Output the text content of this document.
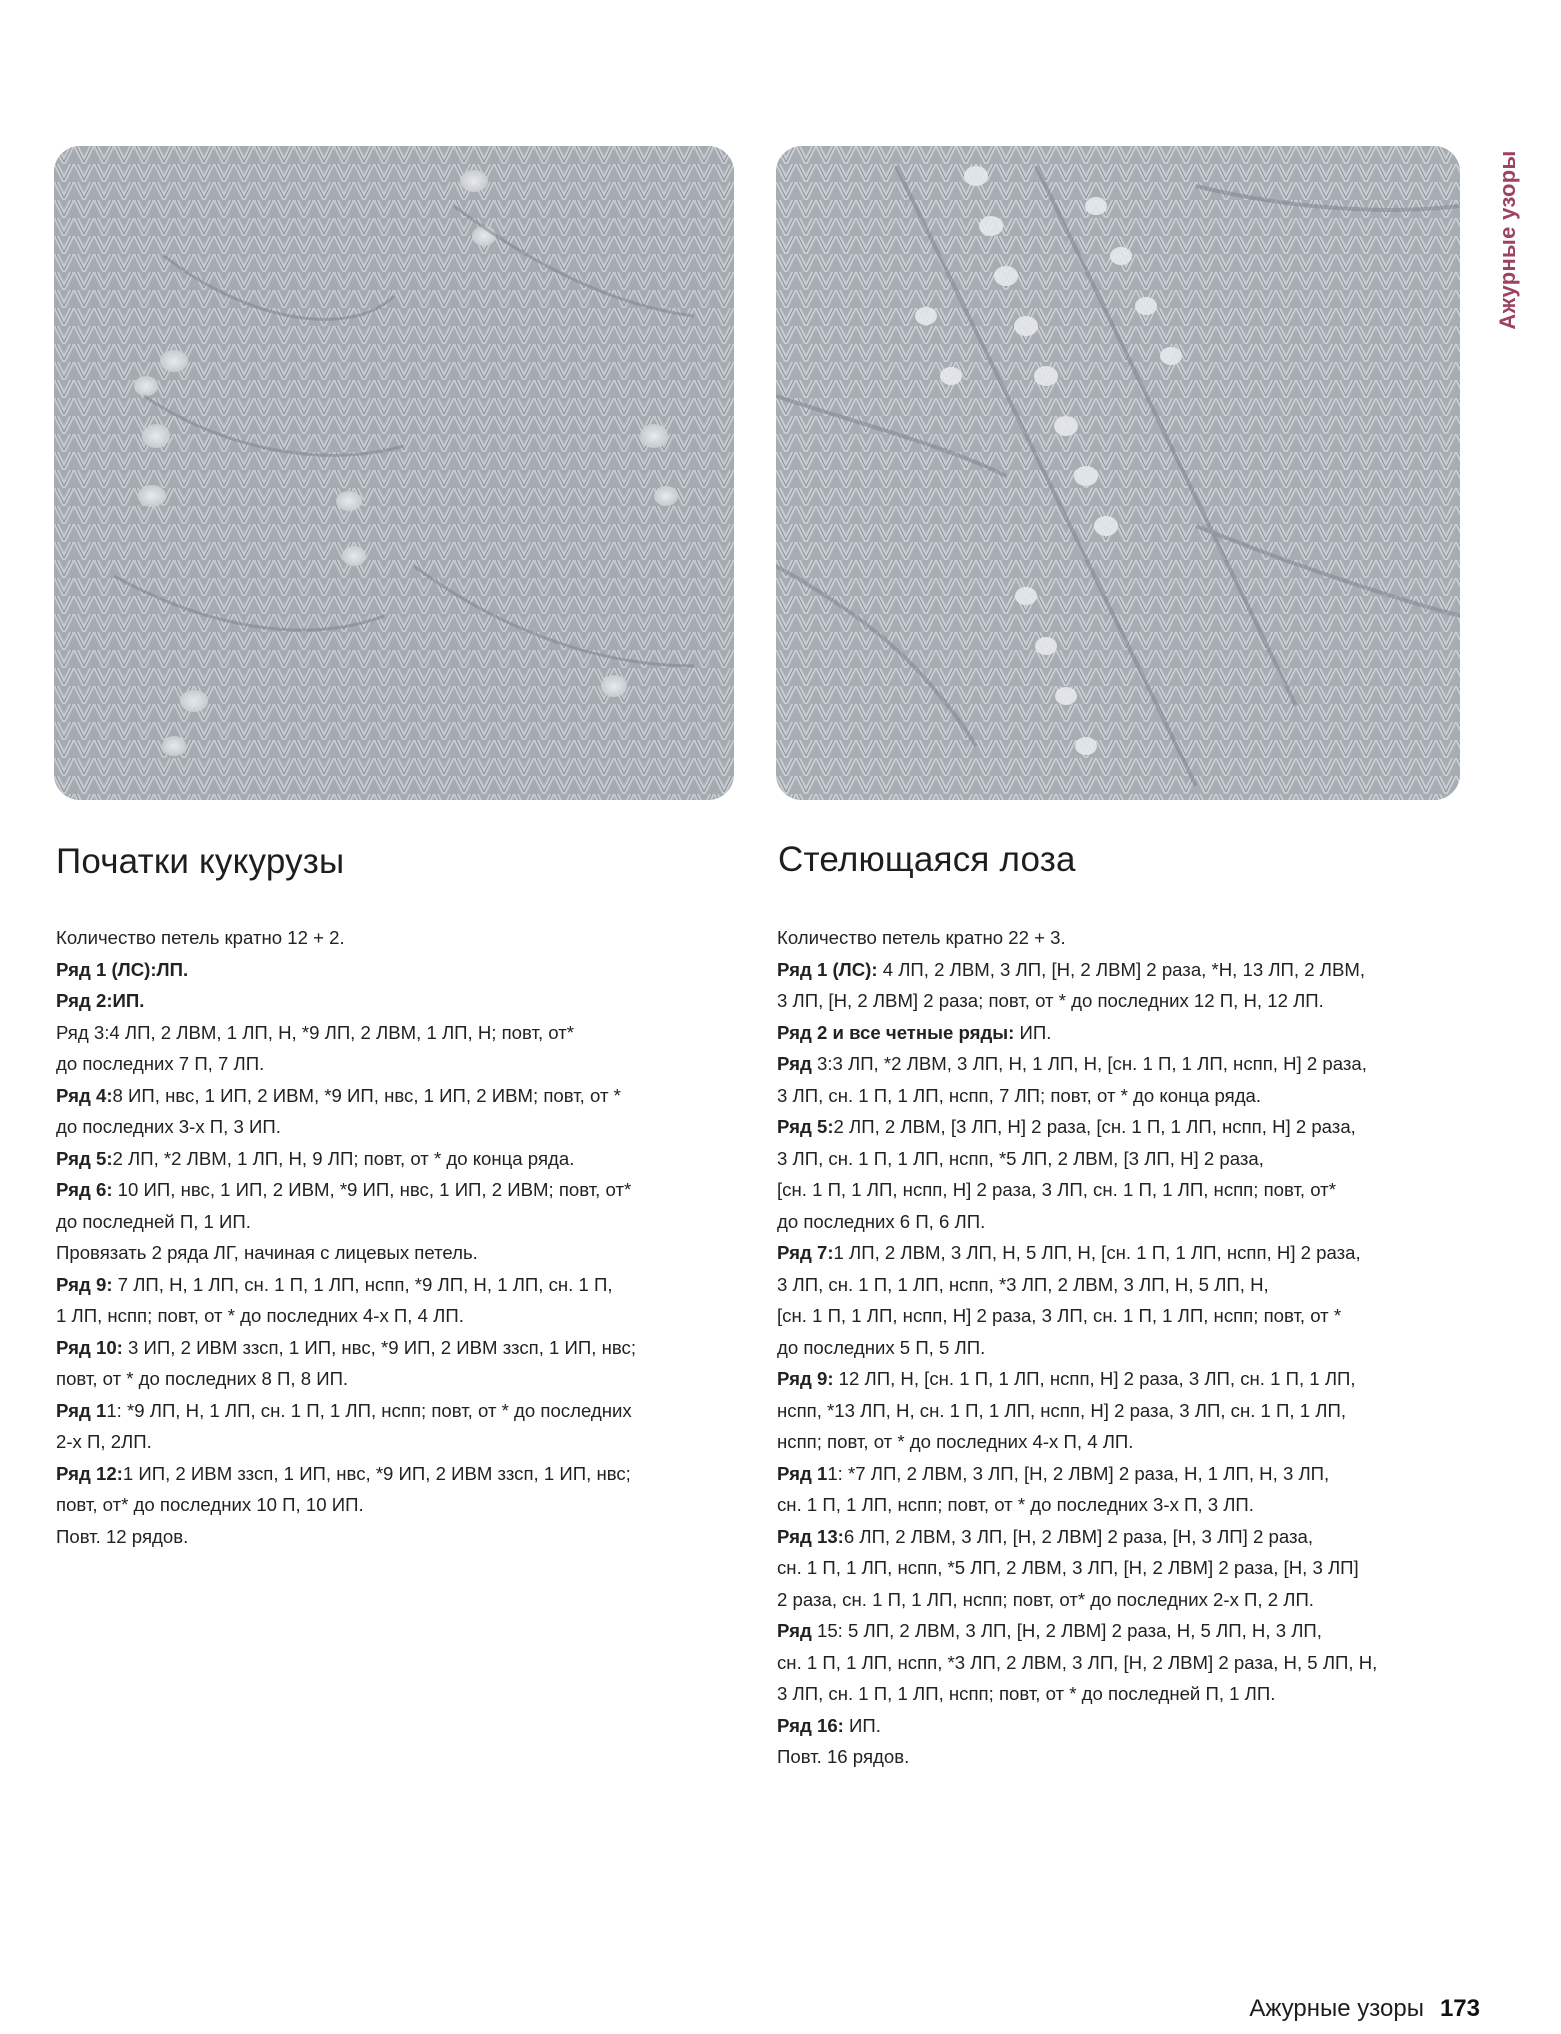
Ажурные узоры
Початки кукурузы	Стелющаяся лоза
Количество петель кратно 12 + 2.
Ряд 1 (ЛС):ЛП.
Ряд 2:ИП.
Ряд 3:4 ЛП, 2 ЛВМ, 1 ЛП, Н, *9 ЛП, 2 ЛВМ, 1 ЛП, Н; повт, от*
до последних 7 П, 7 ЛП.
Ряд 4:8 ИП, нвс, 1 ИП, 2 ИВМ, *9 ИП, нвс, 1 ИП, 2 ИВМ; повт, от *
до последних 3-х П, 3 ИП.
Ряд 5:2 ЛП, *2 ЛВМ, 1 ЛП, Н, 9 ЛП; повт, от * до конца ряда.
Ряд 6: 10 ИП, нвс, 1 ИП, 2 ИВМ, *9 ИП, нвс, 1 ИП, 2 ИВМ; повт, от*
до последней П, 1 ИП.
Провязать 2 ряда ЛГ, начиная с лицевых петель.
Ряд 9: 7 ЛП, Н, 1 ЛП, сн. 1 П, 1 ЛП, нспп, *9 ЛП, Н, 1 ЛП, сн. 1 П,
1 ЛП, нспп; повт, от * до последних 4-х П, 4 ЛП.
Ряд 10: 3 ИП, 2 ИВМ ззсп, 1 ИП, нвс, *9 ИП, 2 ИВМ ззсп, 1 ИП, нвс;
повт, от * до последних 8 П, 8 ИП.
Ряд 11: *9 ЛП, Н, 1 ЛП, сн. 1 П, 1 ЛП, нспп; повт, от * до последних
2-х П, 2ЛП.
Ряд 12:1 ИП, 2 ИВМ ззсп, 1 ИП, нвс, *9 ИП, 2 ИВМ ззсп, 1 ИП, нвс;
повт, от* до последних 10 П, 10 ИП.
Повт. 12 рядов.
Количество петель кратно 22 + 3.
Ряд 1 (ЛС): 4 ЛП, 2 ЛВМ, 3 ЛП, [Н, 2 ЛВМ] 2 раза, *Н, 13 ЛП, 2 ЛВМ,
3 ЛП, [Н, 2 ЛВМ] 2 раза; повт, от * до последних 12 П, Н, 12 ЛП.
Ряд 2 и все четные ряды: ИП.
Ряд 3:3 ЛП, *2 ЛВМ, 3 ЛП, Н, 1 ЛП, Н, [сн. 1 П, 1 ЛП, нспп, Н] 2 раза,
3 ЛП, сн. 1 П, 1 ЛП, нспп, 7 ЛП; повт, от * до конца ряда.
Ряд 5:2 ЛП, 2 ЛВМ, [3 ЛП, Н] 2 раза, [сн. 1 П, 1 ЛП, нспп, Н] 2 раза,
3 ЛП, сн. 1 П, 1 ЛП, нспп, *5 ЛП, 2 ЛВМ, [3 ЛП, Н] 2 раза,
[сн. 1 П, 1 ЛП, нспп, Н] 2 раза, 3 ЛП, сн. 1 П, 1 ЛП, нспп; повт, от*
до последних 6 П, 6 ЛП.
Ряд 7:1 ЛП, 2 ЛВМ, 3 ЛП, Н, 5 ЛП, Н, [сн. 1 П, 1 ЛП, нспп, Н] 2 раза,
3 ЛП, сн. 1 П, 1 ЛП, нспп, *3 ЛП, 2 ЛВМ, 3 ЛП, Н, 5 ЛП, Н,
[сн. 1 П, 1 ЛП, нспп, Н] 2 раза, 3 ЛП, сн. 1 П, 1 ЛП, нспп; повт, от *
до последних 5 П, 5 ЛП.
Ряд 9: 12 ЛП, Н, [сн. 1 П, 1 ЛП, нспп, Н] 2 раза, 3 ЛП, сн. 1 П, 1 ЛП,
нспп, *13 ЛП, Н, сн. 1 П, 1 ЛП, нспп, Н] 2 раза, 3 ЛП, сн. 1 П, 1 ЛП,
нспп; повт, от * до последних 4-х П, 4 ЛП.
Ряд 11: *7 ЛП, 2 ЛВМ, 3 ЛП, [Н, 2 ЛВМ] 2 раза, Н, 1 ЛП, Н, 3 ЛП,
сн. 1 П, 1 ЛП, нспп; повт, от * до последних 3-х П, 3 ЛП.
Ряд 13:6 ЛП, 2 ЛВМ, 3 ЛП, [Н, 2 ЛВМ] 2 раза, [Н, 3 ЛП] 2 раза,
сн. 1 П, 1 ЛП, нспп, *5 ЛП, 2 ЛВМ, 3 ЛП, [Н, 2 ЛВМ] 2 раза, [Н, 3 ЛП]
2 раза, сн. 1 П, 1 ЛП, нспп; повт, от* до последних 2-х П, 2 ЛП.
Ряд 15: 5 ЛП, 2 ЛВМ, 3 ЛП, [Н, 2 ЛВМ] 2 раза, Н, 5 ЛП, Н, 3 ЛП,
сн. 1 П, 1 ЛП, нспп, *3 ЛП, 2 ЛВМ, 3 ЛП, [Н, 2 ЛВМ] 2 раза, Н, 5 ЛП, Н,
3 ЛП, сн. 1 П, 1 ЛП, нспп; повт, от * до последней П, 1 ЛП.
Ряд 16: ИП.
Повт. 16 рядов.
Ажурные узоры 173
